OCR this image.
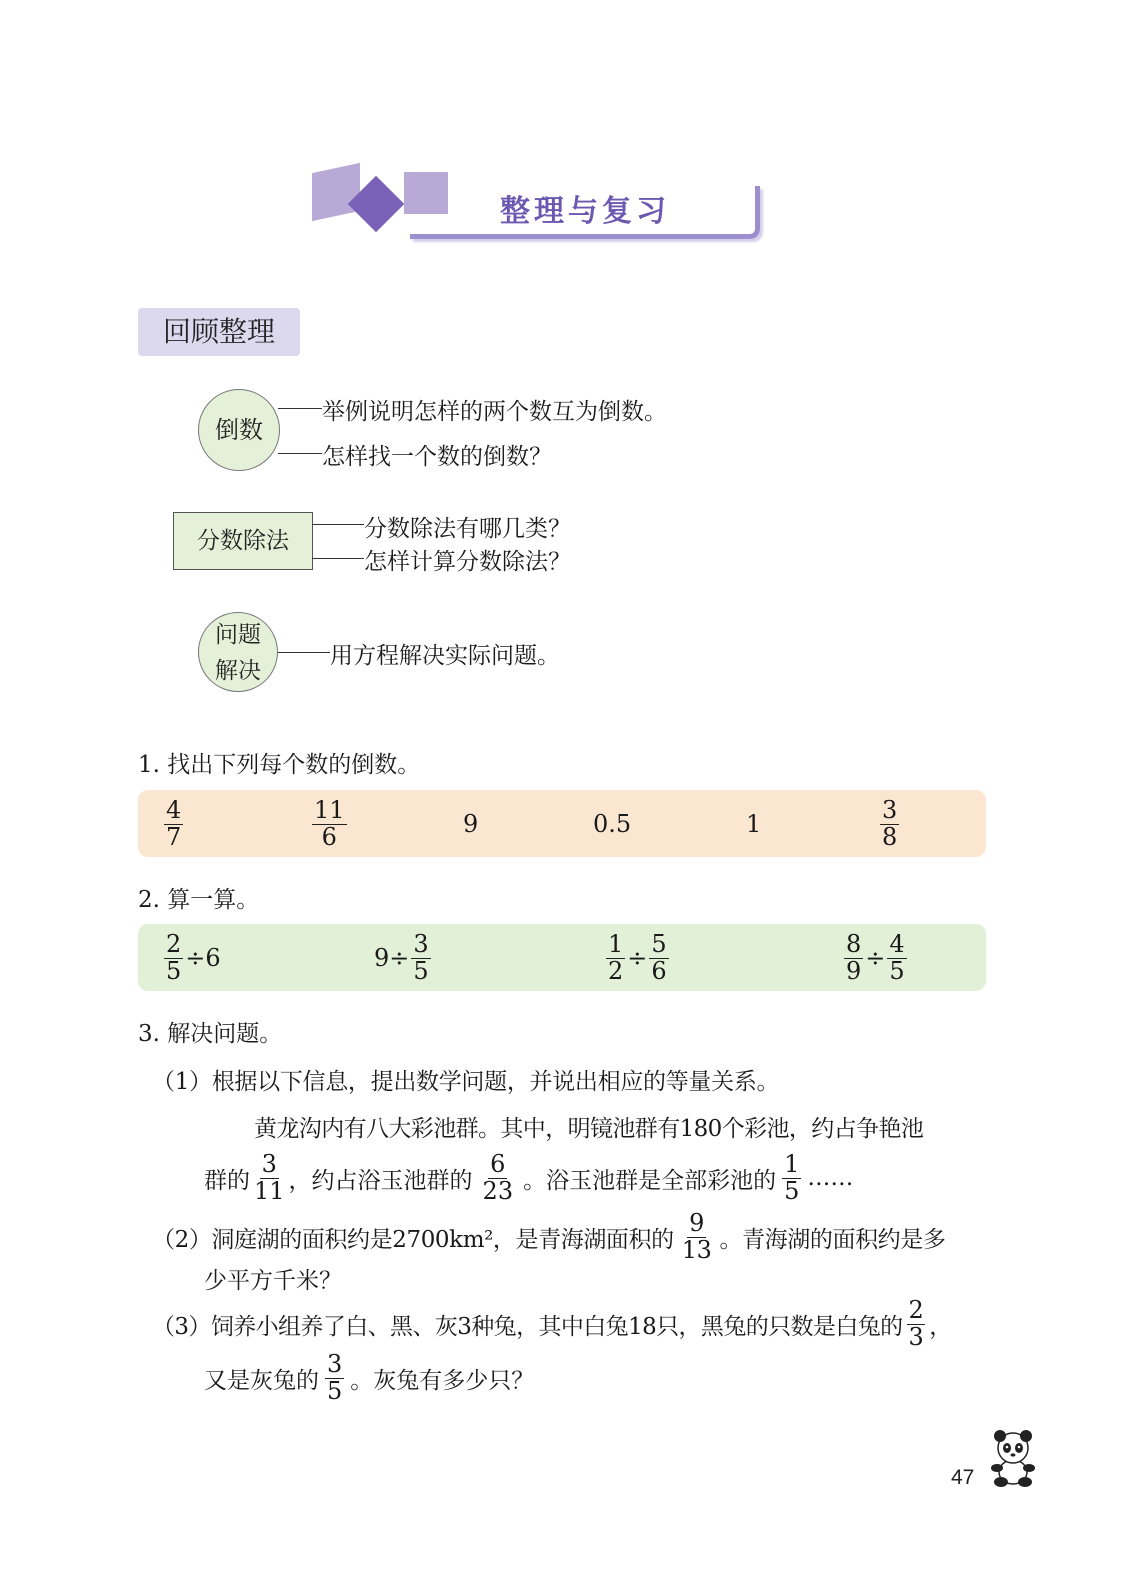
整理与复习
回顾整理
倒数
举例说明怎样的两个数互为倒数。
怎样找一个数的倒数？
分数除法	分数除法有哪几类？
怎样计算分数除法？
问题
解决
用方程解决实际问题。
1. 找出下列每个数的倒数。
$\frac{4}{7}$	$\frac{11}{6}$	9	0.5	1	$\frac{3}{8}$
2. 算一算。
$\frac{2}{5} \div 6$	$9\div \frac{3}{5}$	$\frac{1}{2} \div \frac{5}{6}$	$\frac{8}{9} \div \frac{4}{5}$
3. 解决问题。
（1）根据以下信息，提出数学问题，并说出相应的等量关系。
黄龙沟内有八大彩池群。其中，明镜池群有180个彩池，约占争艳池
群的 $\frac{3}{11}$ ，约占浴玉池群的 $\frac{6}{23}$ 。浴玉池群是全部彩池的 $\frac{1}{5}$ ……
（2）洞庭湖的面积约是2700km²，是青海湖面积的 $\frac{9}{13}$ 。青海湖的面积约是多
少平方千米？
（3）饲养小组养了白、黑、灰3种兔，其中白兔18只，黑兔的只数是白兔的 $\frac{2}{3}$ ，
又是灰兔的 $\frac{3}{5}$ 。灰兔有多少只？
47
